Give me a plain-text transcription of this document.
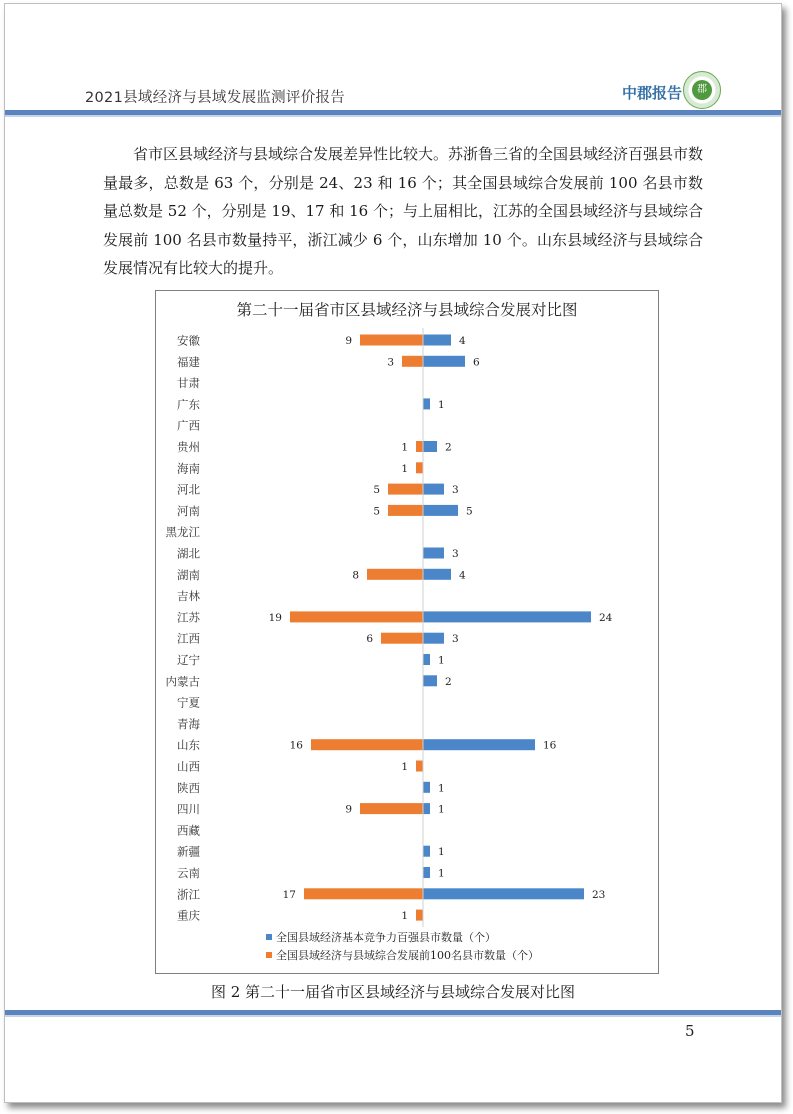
2021县域经济与县域发展监测评价报告	中郡报告	郡
省市区县域经济与县域综合发展差异性比较大。苏浙鲁三省的全国县域经济百强县市数量最多，总数是 63 个，分别是 24、23 和 16 个；其全国县域综合发展前 100 名县市数量总数是 52 个，分别是 19、17 和 16 个；与上届相比，江苏的全国县域经济与县域综合发展前 100 名县市数量持平，浙江减少 6 个，山东增加 10 个。山东县域经济与县域综合发展情况有比较大的提升。
第二十一届省市区县域经济与县域综合发展对比图
安徽	4
9
福建	6
3
甘肃
广东	1
广西
贵州	2
1
海南	1
河北	3
5
河南	5
5
黑龙江
湖北	3
湖南	4
8
吉林
江苏	24
19
江西	3
6
辽宁	1
内蒙古	2
宁夏
青海
山东	16
16
山西	1
陕西	1
四川	1
9
西藏
新疆	1
云南	1
浙江	23
17
重庆	1
全国县域经济基本竞争力百强县市数量（个）
全国县域经济与县域综合发展前100名县市数量（个）
图 2 第二十一届省市区县域经济与县域综合发展对比图
5
